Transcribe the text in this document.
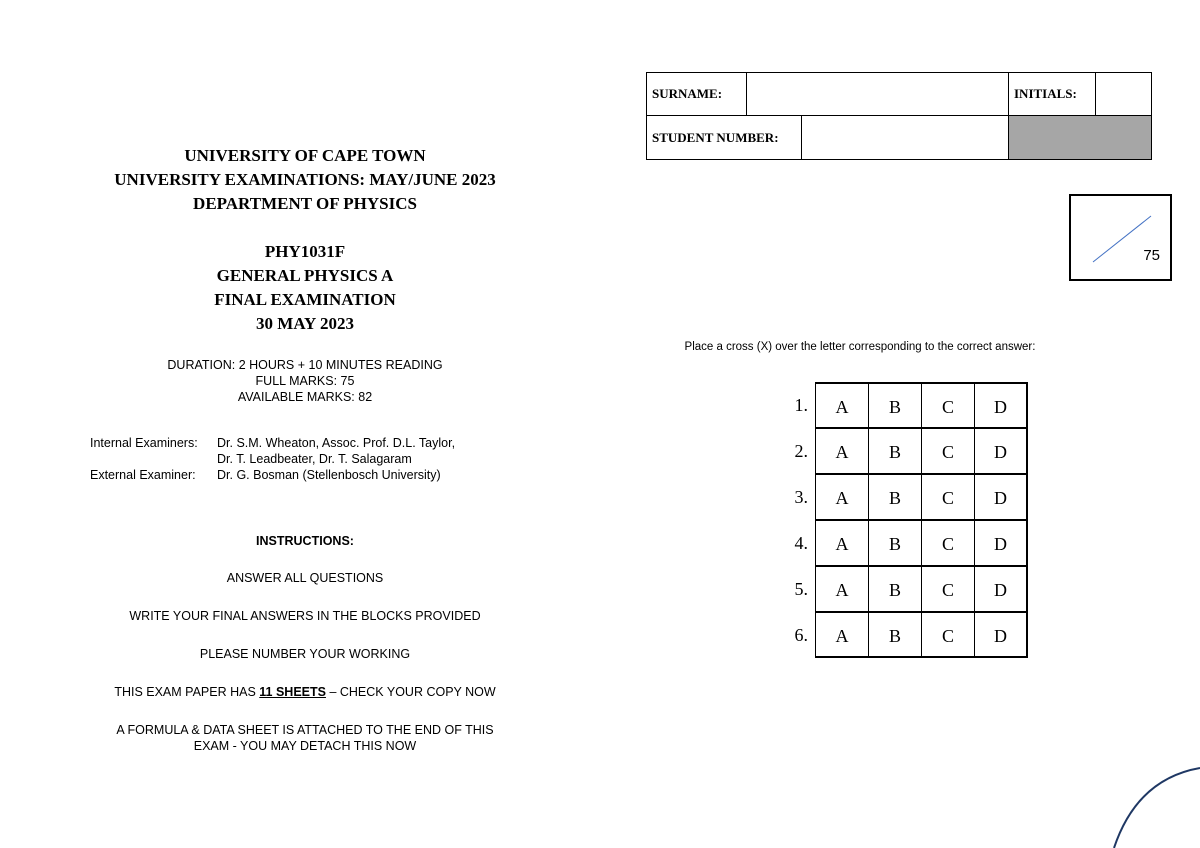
UNIVERSITY OF CAPE TOWN
UNIVERSITY EXAMINATIONS: MAY/JUNE 2023
DEPARTMENT OF PHYSICS
PHY1031F
GENERAL PHYSICS A
FINAL EXAMINATION
30 MAY 2023
DURATION: 2 HOURS + 10 MINUTES READING
FULL MARKS: 75
AVAILABLE MARKS: 82
Internal Examiners:	Dr. S.M. Wheaton, Assoc. Prof. D.L. Taylor,
Dr. T. Leadbeater, Dr. T. Salagaram
External Examiner:	Dr. G. Bosman (Stellenbosch University)
INSTRUCTIONS:
ANSWER ALL QUESTIONS
WRITE YOUR FINAL ANSWERS IN THE BLOCKS PROVIDED
PLEASE NUMBER YOUR WORKING
THIS EXAM PAPER HAS 11 SHEETS – CHECK YOUR COPY NOW
A FORMULA & DATA SHEET IS ATTACHED TO THE END OF THIS
EXAM - YOU MAY DETACH THIS NOW
SURNAME:	INITIALS:
STUDENT NUMBER:
75
Place a cross (X) over the letter corresponding to the correct answer:
1.	A	B	C	D
2.	A	B	C	D
3.	A	B	C	D
4.	A	B	C	D
5.	A	B	C	D
6.	A	B	C	D
